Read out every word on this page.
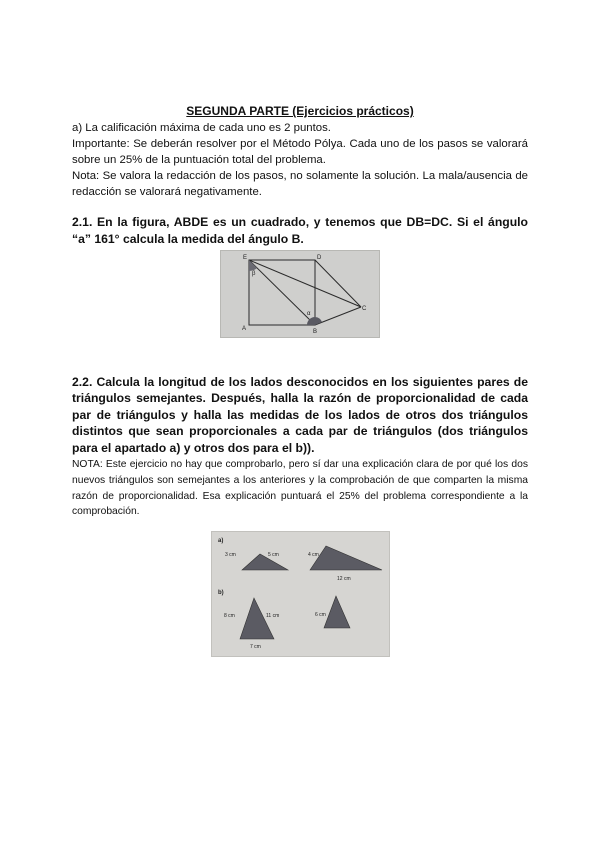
SEGUNDA PARTE (Ejercicios prácticos)
a) La calificación máxima de cada uno es 2 puntos.
Importante: Se deberán resolver por el Método Pólya. Cada uno de los pasos se valorará sobre un 25% de la puntuación total del problema.
Nota: Se valora la redacción de los pasos, no solamente la solución. La mala/ausencia de redacción se valorará negativamente.
2.1. En la figura, ABDE es un cuadrado, y tenemos que DB=DC. Si el ángulo “a” 161° calcula la medida del ángulo B.
E	D
A	B
C
β
α
2.2. Calcula la longitud de los lados desconocidos en los siguientes pares de triángulos semejantes. Después, halla la razón de proporcionalidad de cada par de triángulos y halla las medidas de los lados de otros dos triángulos distintos que sean proporcionales a cada par de triángulos (dos triángulos para el apartado a) y otros dos para el b)).
NOTA: Este ejercicio no hay que comprobarlo, pero sí dar una explicación clara de por qué los dos nuevos triángulos son semejantes a los anteriores y la comprobación de que comparten la misma razón de proporcionalidad. Esa explicación puntuará el 25% del problema correspondiente a la comprobación.
a)
3 cm	5 cm	4 cm
12 cm
b)
8 cm	11 cm
7 cm
6 cm
